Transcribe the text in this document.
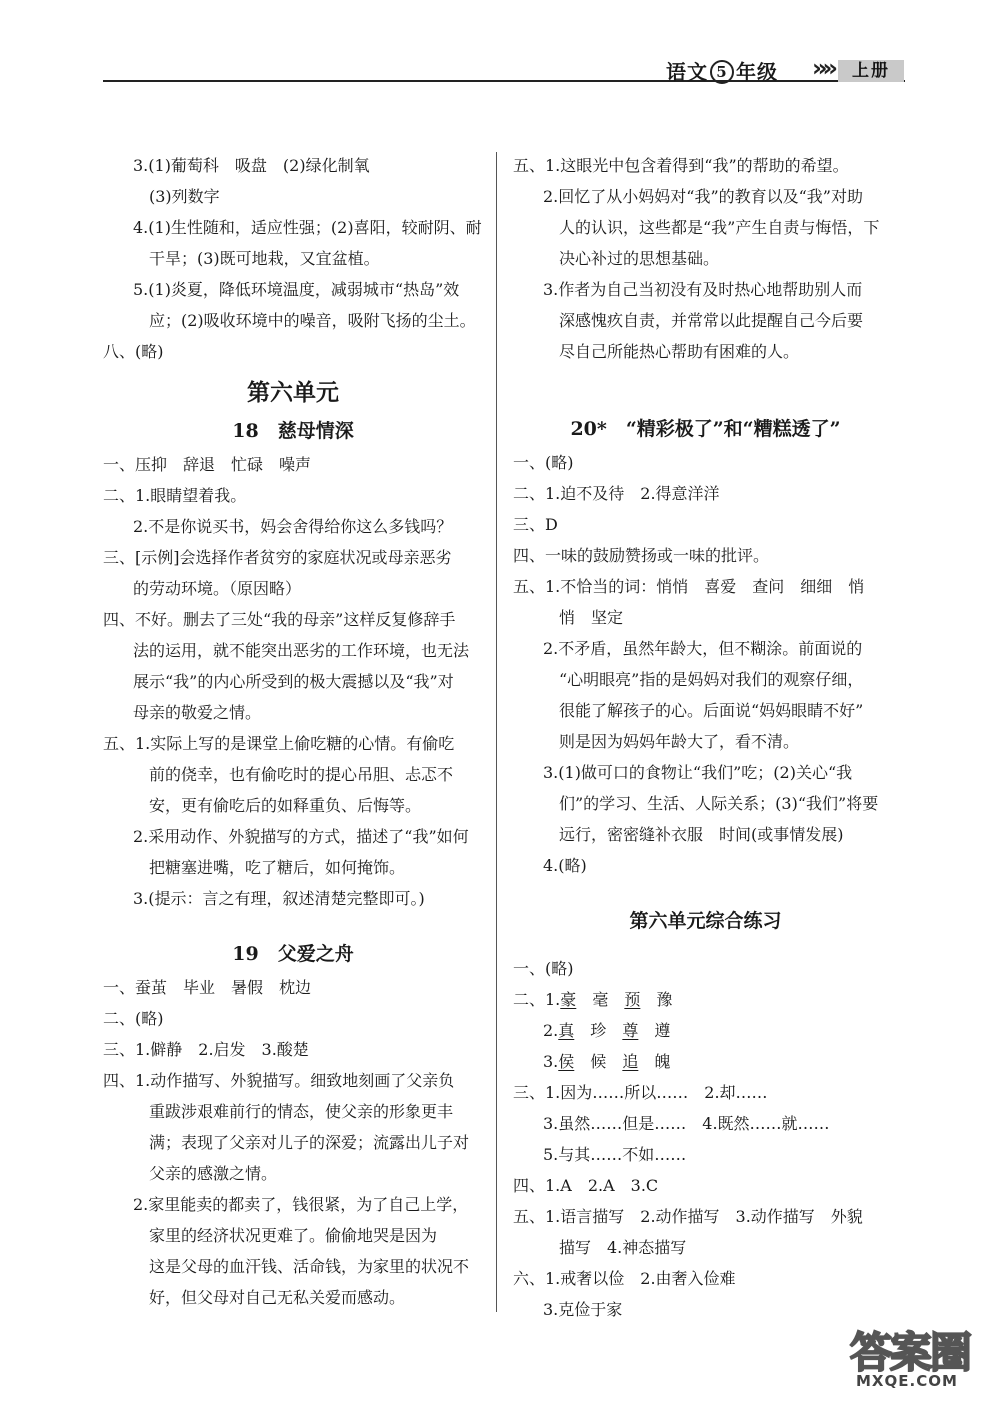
语文 5 年级 »»	上册
3.(1)葡萄科　吸盘　(2)绿化制氧
(3)列数字
4.(1)生性随和，适应性强；(2)喜阳，较耐阴、耐
干旱；(3)既可地栽，又宜盆植。
5.(1)炎夏，降低环境温度，减弱城市“热岛”效
应；(2)吸收环境中的噪音，吸附飞扬的尘土。
八、(略)
第六单元
18　慈母情深
一、压抑　辞退　忙碌　噪声
二、1.眼睛望着我。
2.不是你说买书，妈会舍得给你这么多钱吗？
三、[示例]会选择作者贫穷的家庭状况或母亲恶劣
的劳动环境。（原因略）
四、不好。删去了三处“我的母亲”这样反复修辞手
法的运用，就不能突出恶劣的工作环境，也无法
展示“我”的内心所受到的极大震撼以及“我”对
母亲的敬爱之情。
五、1.实际上写的是课堂上偷吃糖的心情。有偷吃
前的侥幸，也有偷吃时的提心吊胆、忐忑不
安，更有偷吃后的如释重负、后悔等。
2.采用动作、外貌描写的方式，描述了“我”如何
把糖塞进嘴，吃了糖后，如何掩饰。
3.(提示：言之有理，叙述清楚完整即可。)
19　父爱之舟
一、蚕茧　毕业　暑假　枕边
二、(略)
三、1.僻静　2.启发　3.酸楚
四、1.动作描写、外貌描写。细致地刻画了父亲负
重跋涉艰难前行的情态，使父亲的形象更丰
满；表现了父亲对儿子的深爱；流露出儿子对
父亲的感激之情。
2.家里能卖的都卖了，钱很紧，为了自己上学，
家里的经济状况更难了。偷偷地哭是因为
这是父母的血汗钱、活命钱，为家里的状况不
好，但父母对自己无私关爱而感动。
五、1.这眼光中包含着得到“我”的帮助的希望。
2.回忆了从小妈妈对“我”的教育以及“我”对助
人的认识，这些都是“我”产生自责与悔悟，下
决心补过的思想基础。
3.作者为自己当初没有及时热心地帮助别人而
深感愧疚自责，并常常以此提醒自己今后要
尽自己所能热心帮助有困难的人。
20*　“精彩极了”和“糟糕透了”
一、(略)
二、1.迫不及待　2.得意洋洋
三、D
四、一味的鼓励赞扬或一味的批评。
五、1.不恰当的词：悄悄　喜爱　查问　细细　悄
悄　坚定
2.不矛盾，虽然年龄大，但不糊涂。前面说的
“心明眼亮”指的是妈妈对我们的观察仔细，
很能了解孩子的心。后面说“妈妈眼睛不好”
则是因为妈妈年龄大了，看不清。
3.(1)做可口的食物让“我们”吃；(2)关心“我
们”的学习、生活、人际关系；(3)“我们”将要
远行，密密缝补衣服　时间(或事情发展)
4.(略)
第六单元综合练习
一、(略)
二、1.豪　 毫　 预　 豫
2.真　 珍　 尊　 遵
3.侯　 候　 追　 魄
三、1.因为……所以……　2.却……
3.虽然……但是……　4.既然……就……
5.与其……不如……
四、1.A　2.A　3.C
五、1.语言描写　2.动作描写　3.动作描写　外貌
描写　4.神态描写
六、1.戒奢以俭　2.由奢入俭难
3.克俭于家
答案圈
MXQE.COM
